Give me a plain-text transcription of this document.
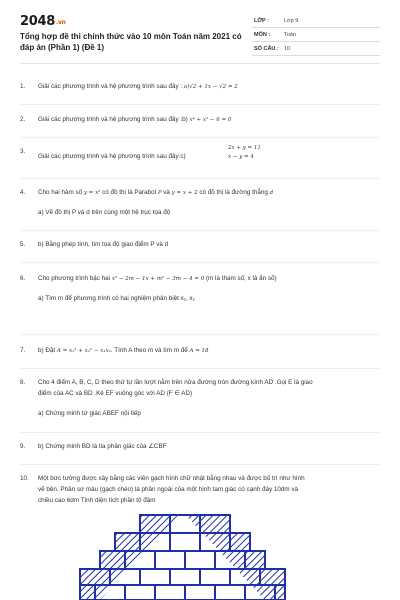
2048.vn
Tổng hợp đề thi chính thức vào 10 môn Toán năm 2021 có đáp án (Phần 1) (Đề 1)
LỚP :	Lớp 9
MÔN :	Toán
SỐ CÂU : 10
1. Giải các phương trình và hệ phương trình sau đây : a)√2 + 1x − √2 = 2
2. Giải các phương trình và hệ phương trình sau đây :b) x⁴ + x² − 6 = 0
3.
Giải các phương trình và hệ phương trình sau đây:c)
2x + y = 11
x − y = 4
4. Cho hai hàm số y = x² có đồ thị là Parabol P và y = x + 2 có đồ thị là đường thẳng d
a) Vẽ đồ thị P và d trên cùng một hệ trục tọa độ
5. b) Bằng phép tính, tìm tọa độ giao điểm P và d
6. Cho phương trình bậc hai x² − 2m − 1x + m² − 3m − 4 = 0 (m là tham số, x là ẩn số)
a) Tìm m để phương trình có hai nghiệm phân biệt x₁, x₂
7. b) Đặt A = x₁² + x₂² − x₁x₂. Tính A theo m và tìm m để A = 18
8. Cho 4 điểm A, B, C, D theo thứ tự lần lượt nằm trên nửa đường tròn đường kính AD .Gọi E là giao
điểm của AC và BD .Kẻ EF vuông góc với AD (F ∈ AD)
a) Chứng minh tứ giác ABEF nội tiếp
9. b) Chứng minh BD là tia phân giác của ∠CBF
10. Một bức tường được xây bằng các viên gạch hình chữ nhật bằng nhau và được bố trí như hình
vẽ bên. Phần sơ màu (gạch chéo) là phần ngoài của một hình tam giác có cạnh đáy 10dm và
chiều cao 6dm Tính diện tích phần tô đậm
